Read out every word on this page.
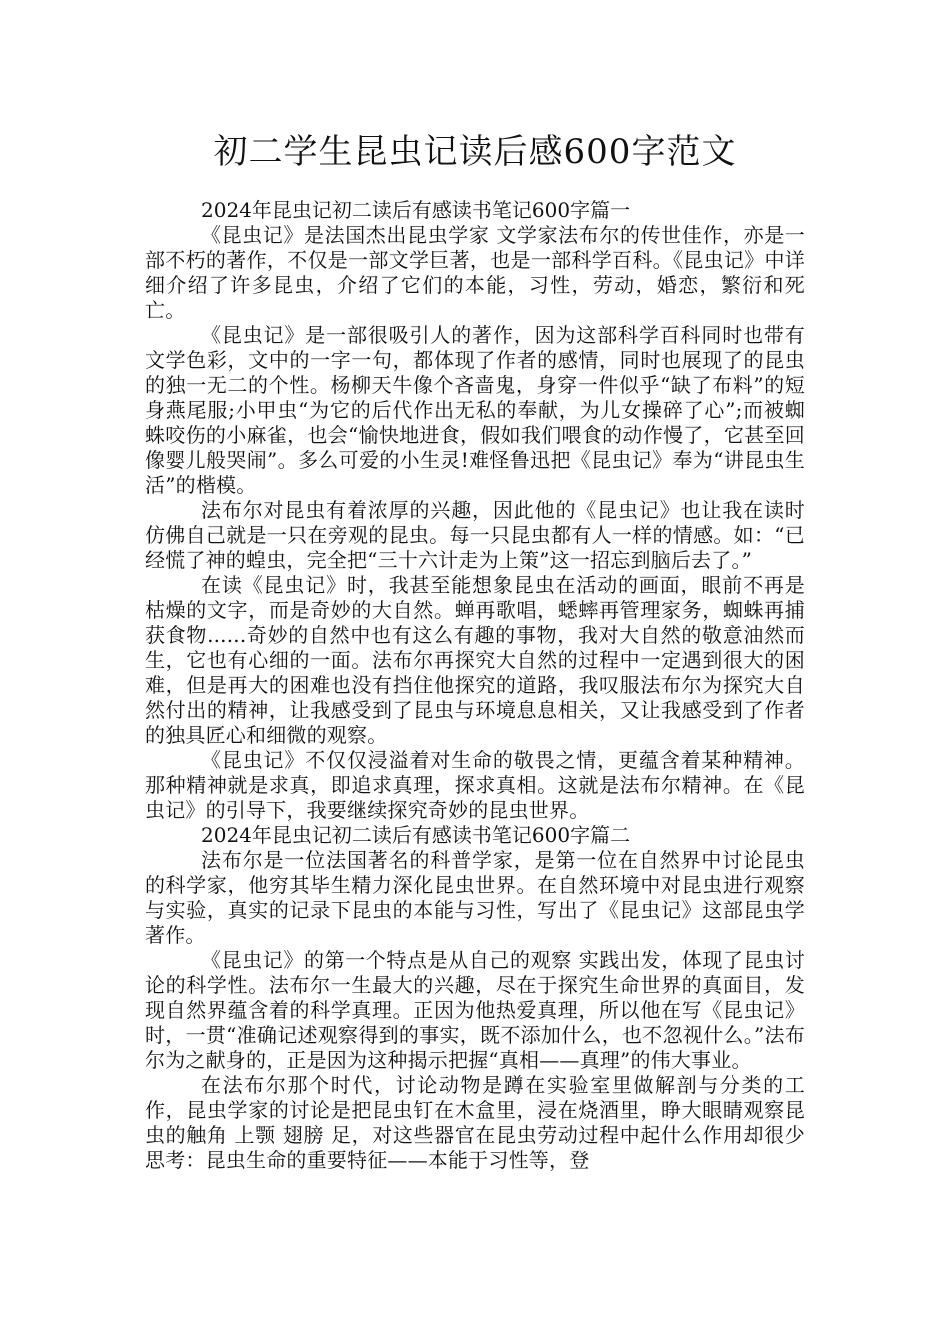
初二学生昆虫记读后感600字范文

2024年昆虫记初二读后有感读书笔记600字篇一

《昆虫记》是法国杰出昆虫学家 文学家法布尔的传世佳作，亦是一部不朽的著作，不仅是一部文学巨著，也是一部科学百科。《昆虫记》中详细介绍了许多昆虫，介绍了它们的本能，习性，劳动，婚恋，繁衍和死亡。

《昆虫记》是一部很吸引人的著作，因为这部科学百科同时也带有文学色彩，文中的一字一句，都体现了作者的感情，同时也展现了的昆虫的独一无二的个性。杨柳天牛像个吝啬鬼，身穿一件似乎“缺了布料”的短身燕尾服;小甲虫“为它的后代作出无私的奉献，为儿女操碎了心”;而被蜘蛛咬伤的小麻雀，也会“愉快地进食，假如我们喂食的动作慢了，它甚至回像婴儿般哭闹”。多么可爱的小生灵!难怪鲁迅把《昆虫记》奉为“讲昆虫生活”的楷模。

法布尔对昆虫有着浓厚的兴趣，因此他的《昆虫记》也让我在读时仿佛自己就是一只在旁观的昆虫。每一只昆虫都有人一样的情感。如：“已经慌了神的蝗虫，完全把“三十六计走为上策”这一招忘到脑后去了。”

在读《昆虫记》时，我甚至能想象昆虫在活动的画面，眼前不再是枯燥的文字，而是奇妙的大自然。蝉再歌唱，蟋蟀再管理家务，蜘蛛再捕获食物......奇妙的自然中也有这么有趣的事物，我对大自然的敬意油然而生，它也有心细的一面。法布尔再探究大自然的过程中一定遇到很大的困难，但是再大的困难也没有挡住他探究的道路，我叹服法布尔为探究大自然付出的精神，让我感受到了昆虫与环境息息相关，又让我感受到了作者的独具匠心和细微的观察。

《昆虫记》不仅仅浸溢着对生命的敬畏之情，更蕴含着某种精神。那种精神就是求真，即追求真理，探求真相。这就是法布尔精神。在《昆虫记》的引导下，我要继续探究奇妙的昆虫世界。

2024年昆虫记初二读后有感读书笔记600字篇二

法布尔是一位法国著名的科普学家，是第一位在自然界中讨论昆虫的科学家，他穷其毕生精力深化昆虫世界。在自然环境中对昆虫进行观察与实验，真实的记录下昆虫的本能与习性，写出了《昆虫记》这部昆虫学著作。

《昆虫记》的第一个特点是从自己的观察 实践出发，体现了昆虫讨论的科学性。法布尔一生最大的兴趣，尽在于探究生命世界的真面目，发现自然界蕴含着的科学真理。正因为他热爱真理，所以他在写《昆虫记》时，一贯“准确记述观察得到的事实，既不添加什么，也不忽视什么。”法布尔为之献身的，正是因为这种揭示把握“真相——真理”的伟大事业。

在法布尔那个时代，讨论动物是蹲在实验室里做解剖与分类的工作，昆虫学家的讨论是把昆虫钉在木盒里，浸在烧酒里，睁大眼睛观察昆虫的触角 上颚 翅膀 足，对这些器官在昆虫劳动过程中起什么作用却很少思考：昆虫生命的重要特征——本能于习性等，登
